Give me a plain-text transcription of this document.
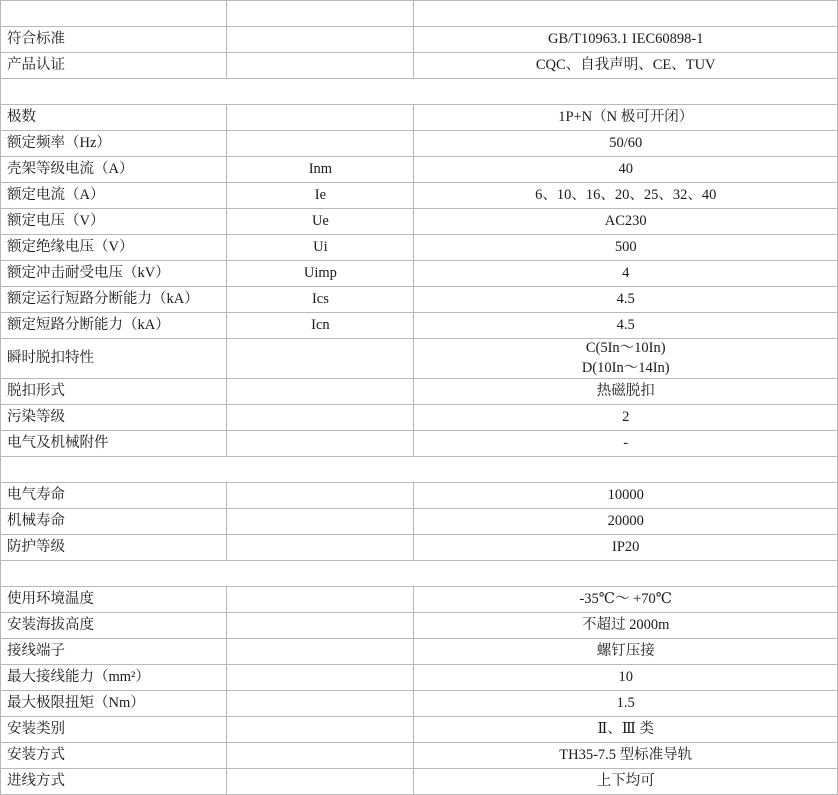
产品名称		TGB1N-40
符合标准		GB/T10963.1 IEC60898-1
产品认证		CQC、自我声明、CE、TUV
电气特性		
极数		1P+N（N 极可开闭）
额定频率（Hz）		50/60
壳架等级电流（A）	Inm	40
额定电流（A）	Ie	6、10、16、20、25、32、40
额定电压（V）	Ue	AC230
额定绝缘电压（V）	Ui	500
额定冲击耐受电压（kV）	Uimp	4
额定运行短路分断能力（kA）	Ics	4.5
额定短路分断能力（kA）	Icn	4.5
瞬时脱扣特性		C(5In～10In)
D(10In～14In)

脱扣形式		热磁脱扣
污染等级		2
电气及机械附件		-
机械特性		
电气寿命		10000
机械寿命		20000
防护等级		IP20
正常工作条件及安装特性		
使用环境温度		-35℃～ +70℃
安装海拔高度		不超过 2000m
接线端子		螺钉压接
最大接线能力（mm²）		10
最大极限扭矩（Nm）		1.5
安装类别		Ⅱ、Ⅲ 类
安装方式		TH35-7.5 型标准导轨
进线方式		上下均可
